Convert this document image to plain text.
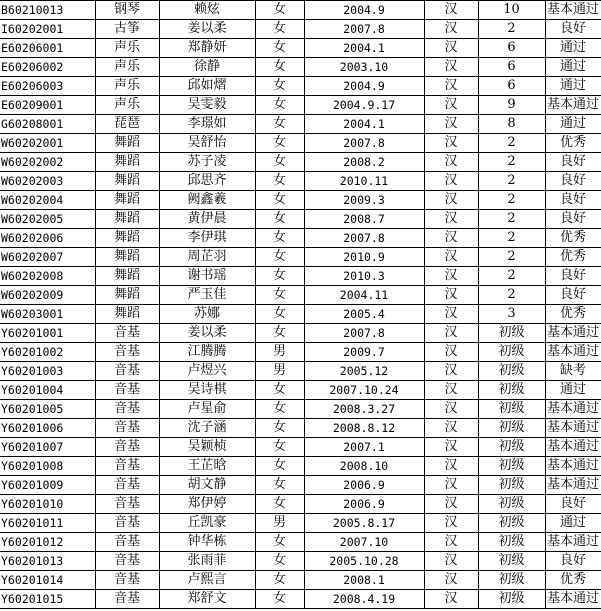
B60210013	钢琴	赖炫	女	2004.9	汉	10	基本通过
I60202001	古筝	姜以柔	女	2007.8	汉	2	良好
E60206001	声乐	郑静妍	女	2004.1	汉	6	通过
E60206002	声乐	徐静	女	2003.10	汉	6	通过
E60206003	声乐	邱如熠	女	2004.9	汉	6	通过
E60209001	声乐	吴雯毅	女	2004.9.17	汉	9	基本通过
G60208001	琵琶	李璟如	女	2004.1	汉	8	通过
W60202001	舞蹈	吴舒怡	女	2007.8	汉	2	优秀
W60202002	舞蹈	苏子凌	女	2008.2	汉	2	良好
W60202003	舞蹈	邱思齐	女	2010.11	汉	2	良好
W60202004	舞蹈	阙鑫羲	女	2009.3	汉	2	良好
W60202005	舞蹈	黄伊晨	女	2008.7	汉	2	良好
W60202006	舞蹈	李伊琪	女	2007.8	汉	2	优秀
W60202007	舞蹈	周芷羽	女	2010.9	汉	2	优秀
W60202008	舞蹈	谢书瑶	女	2010.3	汉	2	良好
W60202009	舞蹈	严玉佳	女	2004.11	汉	2	良好
W60203001	舞蹈	苏娜	女	2005.4	汉	3	优秀
Y60201001	音基	姜以柔	女	2007.8	汉	初级	基本通过
Y60201002	音基	江腾腾	男	2009.7	汉	初级	基本通过
Y60201003	音基	卢煜兴	男	2005.12	汉	初级	缺考
Y60201004	音基	吴诗棋	女	2007.10.24	汉	初级	通过
Y60201005	音基	卢星俞	女	2008.3.27	汉	初级	基本通过
Y60201006	音基	沈子涵	女	2008.8.12	汉	初级	基本通过
Y60201007	音基	吴颖桢	女	2007.1	汉	初级	基本通过
Y60201008	音基	王芷晗	女	2008.10	汉	初级	基本通过
Y60201009	音基	胡文静	女	2006.9	汉	初级	基本通过
Y60201010	音基	郑伊婷	女	2006.9	汉	初级	良好
Y60201011	音基	丘凯豪	男	2005.8.17	汉	初级	通过
Y60201012	音基	钟华栋	女	2007.10	汉	初级	基本通过
Y60201013	音基	张雨菲	女	2005.10.28	汉	初级	良好
Y60201014	音基	卢熙言	女	2008.1	汉	初级	优秀
Y60201015	音基	郑舒文	女	2008.4.19	汉	初级	基本通过
